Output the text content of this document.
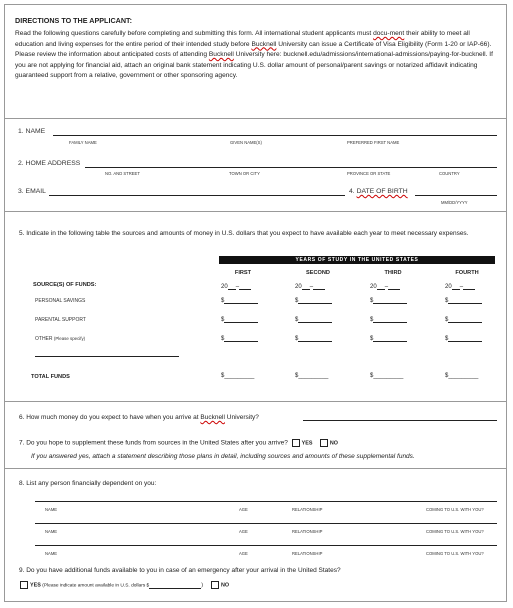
DIRECTIONS TO THE APPLICANT:
Read the following questions carefully before completing and submitting this form. All international student applicants must docu-ment their ability to meet all education and living expenses for the entire period of their intended study before Bucknell University can issue a Certificate of Visa Eligibility (Form 1-20 or IAP-66). Please review the information about anticipated costs of attending Bucknell University here: bucknell.edu/admissions/international-admissions/paying-for-bucknell. If you are not applying for financial aid, attach an original bank statement indicating U.S. dollar amount of personal/parent savings or notarized affidavit indicating guaranteed support from a relative, government or other sponsoring agency.
1. NAME
FAMILY NAME	GIVEN NAME(S)	PREFERRED FIRST NAME
2. HOME ADDRESS
NO. AND STREET	TOWN OR CITY	PROVINCE OR STATE	COUNTRY
3. EMAIL	4. DATE OF BIRTH
MM/DD/YYYY
5. Indicate in the following table the sources and amounts of money in U.S. dollars that you expect to have available each year to meet necessary expenses.
YEARS OF STUDY IN THE UNITED STATES
FIRST	SECOND	THIRD	FOURTH
SOURCE(S) OF FUNDS:	20 –	20 –	20 –	20 –
PERSONAL SAVINGS	$	$	$	$
PARENTAL SUPPORT	$	$	$	$
OTHER (Please specify)	$	$	$	$
TOTAL FUNDS	$_________	$_________	$_________	$_________
6. How much money do you expect to have when you arrive at Bucknell University?
7. Do you hope to supplement these funds from sources in the United States after you arrive?	YES	NO
If you answered yes, attach a statement describing those plans in detail, including sources and amounts of these supplemental funds.
8. List any person financially dependent on you:
NAME	AGE	RELATIONSHIP	COMING TO U.S. WITH YOU?
NAME	AGE	RELATIONSHIP	COMING TO U.S. WITH YOU?
NAME	AGE	RELATIONSHIP	COMING TO U.S. WITH YOU?
9. Do you have additional funds available to you in case of an emergency after your arrival in the United States?
YES (Please indicate amount available in U.S. dollars $	)	NO
